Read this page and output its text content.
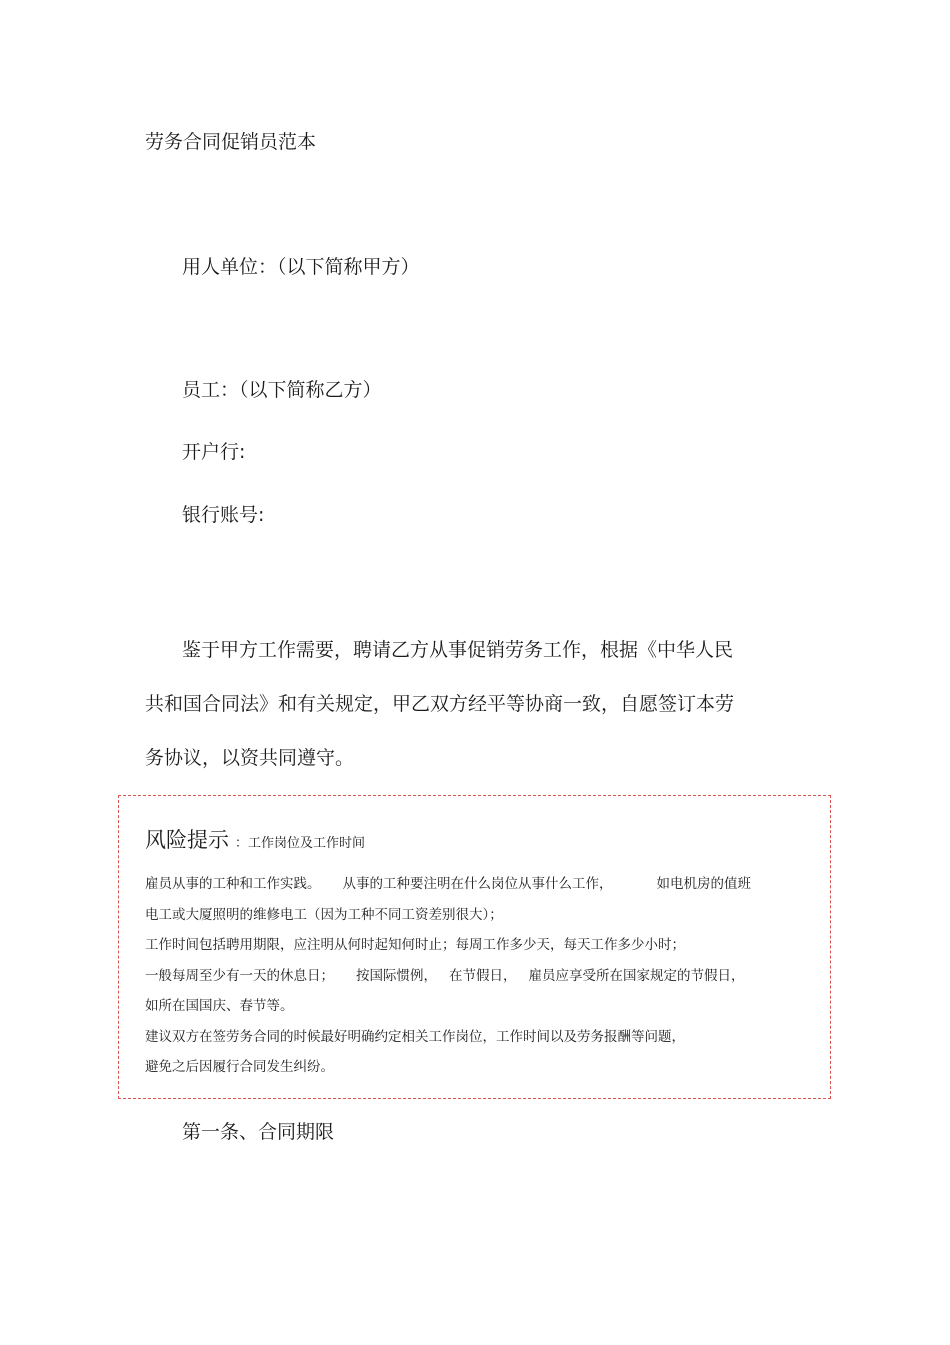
劳务合同促销员范本

用人单位：（以下简称甲方）

员工：（以下简称乙方）

开户行:

银行账号:

鉴于甲方工作需要，聘请乙方从事促销劳务工作，根据《中华人民
共和国合同法》和有关规定，甲乙双方经平等协商一致，自愿签订本劳
务协议，以资共同遵守。

风险提示 ：工作岗位及工作时间
雇员从事的工种和工作实践。 从事的工种要注明在什么岗位从事什么工作，	如电机房的值班
电工或大厦照明的维修电工（因为工种不同工资差别很大）；
工作时间包括聘用期限，应注明从何时起知何时止；每周工作多少天，每天工作多少小时；
一般每周至少有一天的休息日； 按国际惯例， 在节假日， 雇员应享受所在国家规定的节假日，
如所在国国庆、春节等。
建议双方在签劳务合同的时候最好明确约定相关工作岗位，工作时间以及劳务报酬等问题，
避免之后因履行合同发生纠纷。

第一条、合同期限
